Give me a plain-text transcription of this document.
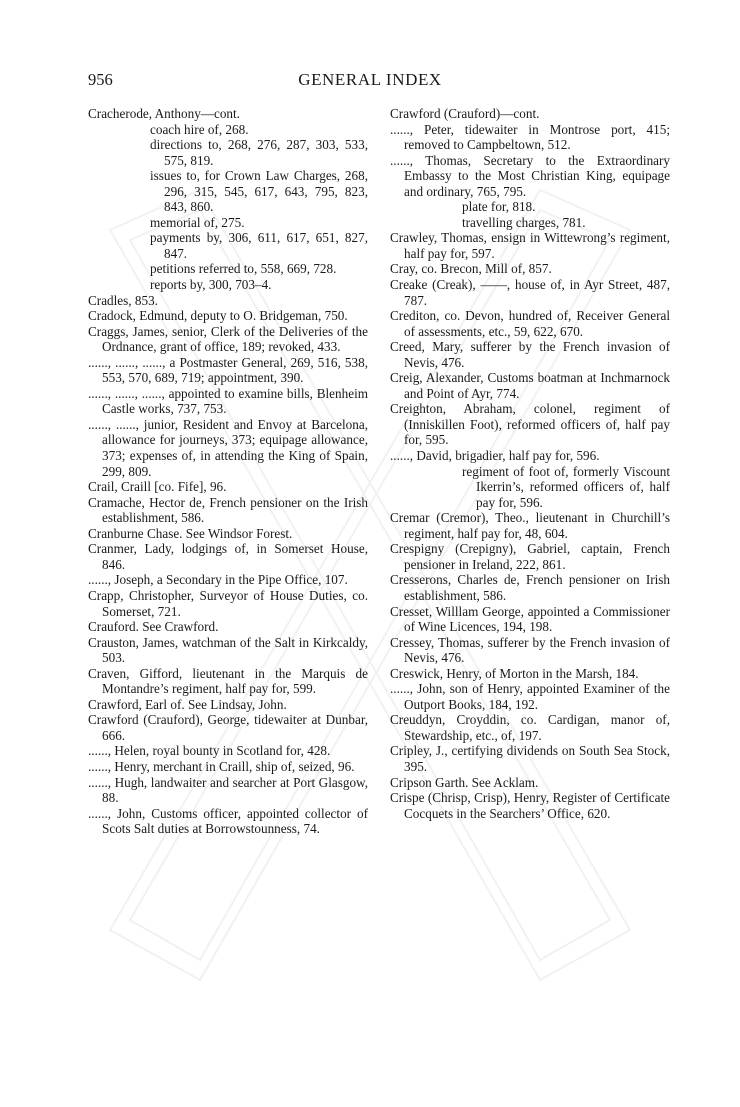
956	GENERAL INDEX

Cracherode, Anthony—cont.

coach hire of, 268.

directions to, 268, 276, 287, 303, 533, 575, 819.

issues to, for Crown Law Charges, 268, 296, 315, 545, 617, 643, 795, 823, 843, 860.

memorial of, 275.

payments by, 306, 611, 617, 651, 827, 847.

petitions referred to, 558, 669, 728.

reports by, 300, 703–4.

Cradles, 853.

Cradock, Edmund, deputy to O. Bridgeman, 750.

Craggs, James, senior, Clerk of the Deliveries of the Ordnance, grant of office, 189; revoked, 433.

......, ......, ......, a Postmaster General, 269, 516, 538, 553, 570, 689, 719; appointment, 390.

......, ......, ......, appointed to examine bills, Blenheim Castle works, 737, 753.

......, ......, junior, Resident and Envoy at Barcelona, allowance for journeys, 373; equipage allowance, 373; expenses of, in attending the King of Spain, 299, 809.

Crail, Craill [co. Fife], 96.

Cramache, Hector de, French pensioner on the Irish establishment, 586.

Cranburne Chase. See Windsor Forest.

Cranmer, Lady, lodgings of, in Somerset House, 846.

......, Joseph, a Secondary in the Pipe Office, 107.

Crapp, Christopher, Surveyor of House Duties, co. Somerset, 721.

Crauford. See Crawford.

Crauston, James, watchman of the Salt in Kirkcaldy, 503.

Craven, Gifford, lieutenant in the Marquis de Montandre’s regiment, half pay for, 599.

Crawford, Earl of. See Lindsay, John.

Crawford (Crauford), George, tidewaiter at Dunbar, 666.

......, Helen, royal bounty in Scotland for, 428.

......, Henry, merchant in Craill, ship of, seized, 96.

......, Hugh, landwaiter and searcher at Port Glasgow, 88.

......, John, Customs officer, appointed collector of Scots Salt duties at Borrowstounness, 74.

Crawford (Crauford)—cont.

......, Peter, tidewaiter in Montrose port, 415; removed to Campbeltown, 512.

......, Thomas, Secretary to the Extraordinary Embassy to the Most Christian King, equipage and ordinary, 765, 795.

plate for, 818.

travelling charges, 781.

Crawley, Thomas, ensign in Wittewrong’s regiment, half pay for, 597.

Cray, co. Brecon, Mill of, 857.

Creake (Creak), ——, house of, in Ayr Street, 487, 787.

Crediton, co. Devon, hundred of, Receiver General of assessments, etc., 59, 622, 670.

Creed, Mary, sufferer by the French invasion of Nevis, 476.

Creig, Alexander, Customs boatman at Inchmarnock and Point of Ayr, 774.

Creighton, Abraham, colonel, regiment of (Inniskillen Foot), reformed officers of, half pay for, 595.

......, David, brigadier, half pay for, 596.

regiment of foot of, formerly Viscount Ikerrin’s, reformed officers of, half pay for, 596.

Cremar (Cremor), Theo., lieutenant in Churchill’s regiment, half pay for, 48, 604.

Crespigny (Crepigny), Gabriel, captain, French pensioner in Ireland, 222, 861.

Cresserons, Charles de, French pensioner on Irish establishment, 586.

Cresset, Willlam George, appointed a Commissioner of Wine Licences, 194, 198.

Cressey, Thomas, sufferer by the French invasion of Nevis, 476.

Creswick, Henry, of Morton in the Marsh, 184.

......, John, son of Henry, appointed Examiner of the Outport Books, 184, 192.

Creuddyn, Croyddin, co. Cardigan, manor of, Stewardship, etc., of, 197.

Cripley, J., certifying dividends on South Sea Stock, 395.

Cripson Garth. See Acklam.

Crispe (Chrisp, Crisp), Henry, Register of Certificate Cocquets in the Searchers’ Office, 620.
